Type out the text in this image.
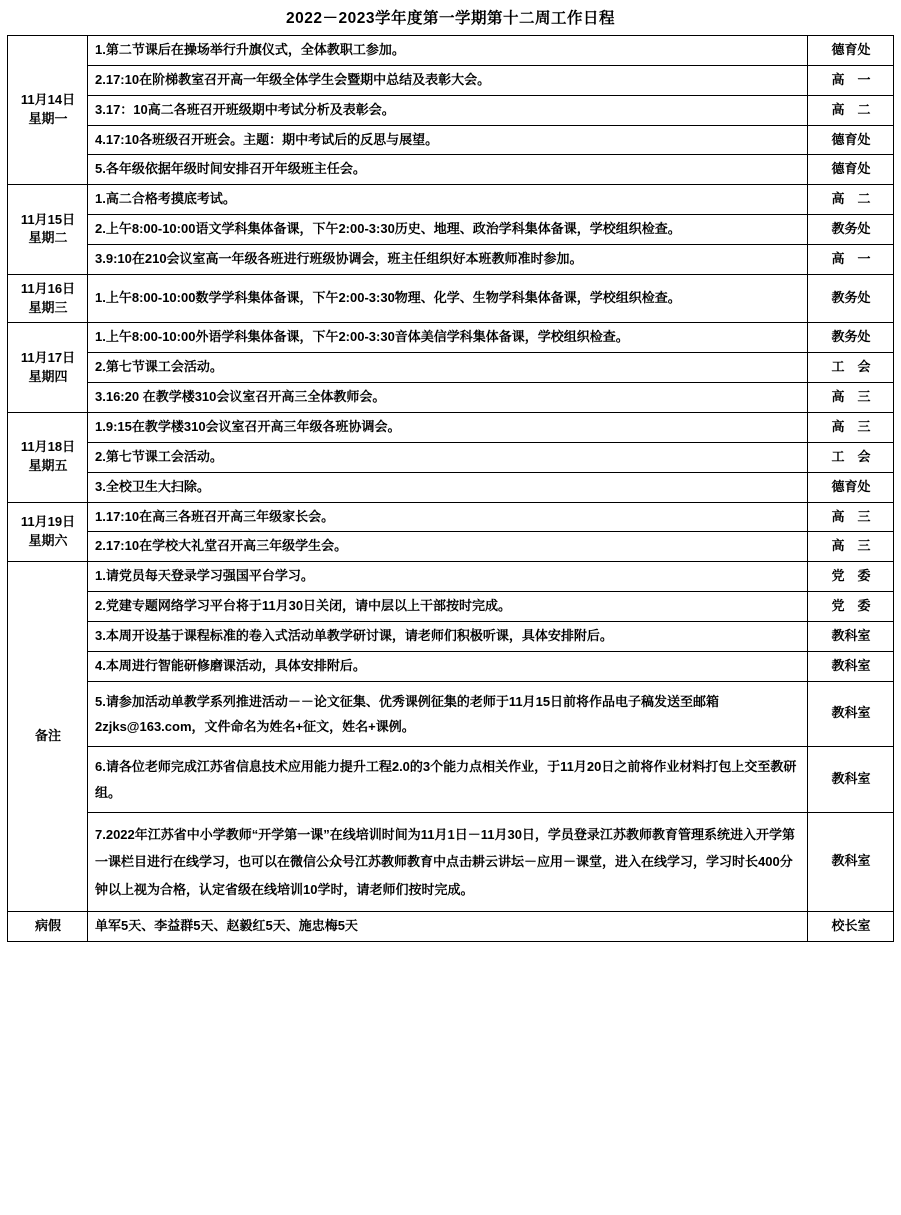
2022－2023学年度第一学期第十二周工作日程
11月14日
星期一	1.第二节课后在操场举行升旗仪式，全体教职工参加。	德育处
	2.17:10在阶梯教室召开高一年级全体学生会暨期中总结及表彰大会。	高　一
	3.17：10高二各班召开班级期中考试分析及表彰会。	高　二
	4.17:10各班级召开班会。主题：期中考试后的反思与展望。	德育处
	5.各年级依据年级时间安排召开年级班主任会。	德育处

11月15日
星期二	1.高二合格考摸底考试。	高　二
	2.上午8:00-10:00语文学科集体备课，下午2:00-3:30历史、地理、政治学科集体备课，学校组织检查。	教务处
	3.9:10在210会议室高一年级各班进行班级协调会，班主任组织好本班教师准时参加。	高　一

11月16日
星期三	1.上午8:00-10:00数学学科集体备课，下午2:00-3:30物理、化学、生物学科集体备课，学校组织检查。	教务处

11月17日
星期四	1.上午8:00-10:00外语学科集体备课，下午2:00-3:30音体美信学科集体备课，学校组织检查。	教务处
	2.第七节课工会活动。	工　会
	3.16:20 在教学楼310会议室召开高三全体教师会。	高　三

11月18日
星期五	1.9:15在教学楼310会议室召开高三年级各班协调会。	高　三
	2.第七节课工会活动。	工　会
	3.全校卫生大扫除。	德育处

11月19日
星期六	1.17:10在高三各班召开高三年级家长会。	高　三
	2.17:10在学校大礼堂召开高三年级学生会。	高　三
备注	1.请党员每天登录学习强国平台学习。	党　委
	2.党建专题网络学习平台将于11月30日关闭，请中层以上干部按时完成。	党　委
	3.本周开设基于课程标准的卷入式活动单教学研讨课，请老师们积极听课，具体安排附后。	教科室
	4.本周进行智能研修磨课活动，具体安排附后。	教科室
	5.请参加活动单教学系列推进活动－－论文征集、优秀课例征集的老师于11月15日前将作品电子稿发送至邮箱2zjks@163.com，文件命名为姓名+征文，姓名+课例。	教科室
	6.请各位老师完成江苏省信息技术应用能力提升工程2.0的3个能力点相关作业，于11月20日之前将作业材料打包上交至教研组。	教科室
	7.2022年江苏省中小学教师“开学第一课”在线培训时间为11月1日－11月30日，学员登录江苏教师教育管理系统进入开学第一课栏目进行在线学习，也可以在微信公众号江苏教师教育中点击耕云讲坛－应用－课堂，进入在线学习，学习时长400分钟以上视为合格，认定省级在线培训10学时，请老师们按时完成。	教科室
病假	单军5天、李益群5天、赵毅红5天、施忠梅5天	校长室
